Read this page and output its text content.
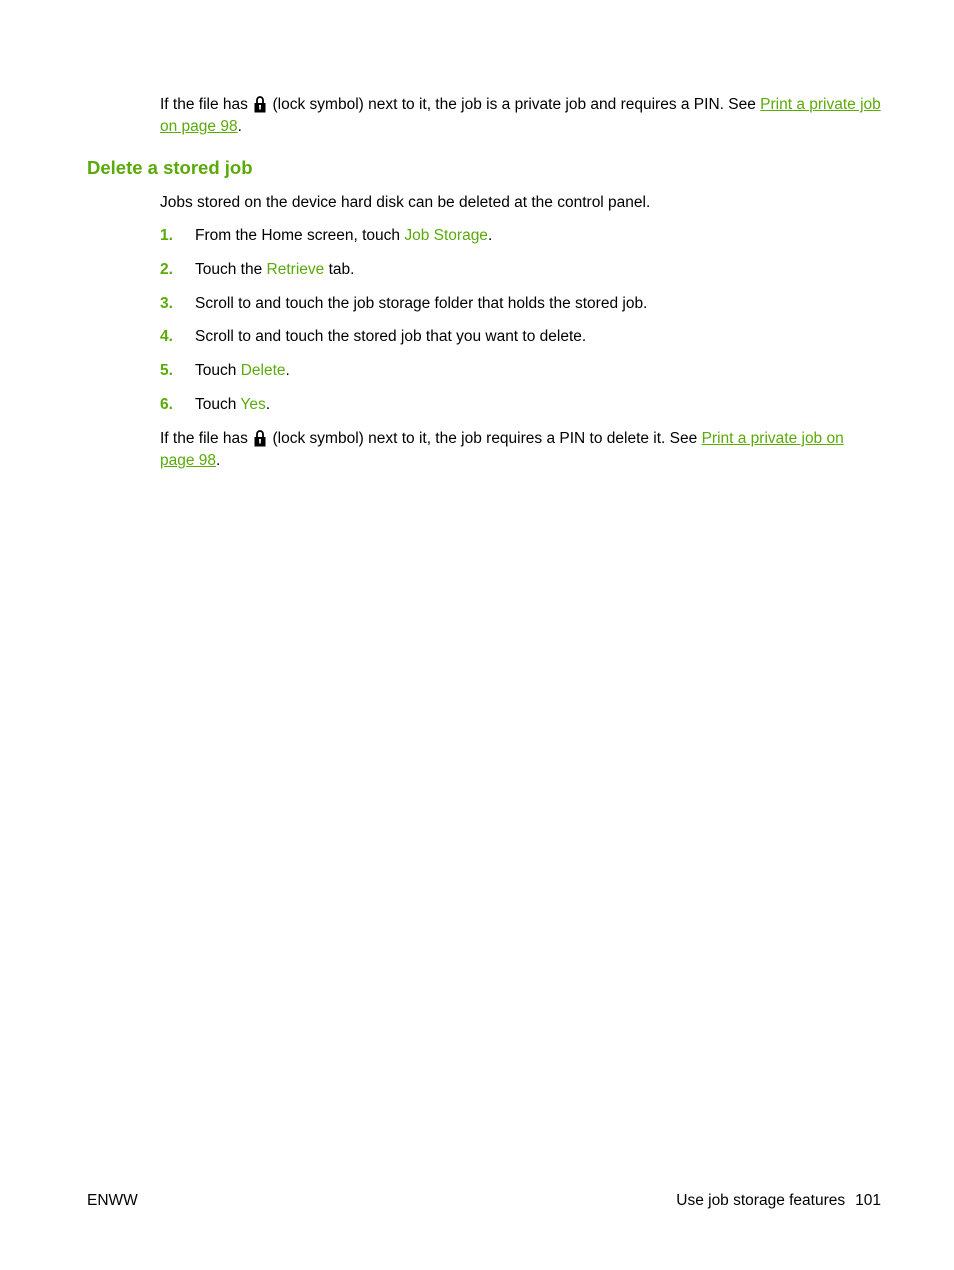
If the file has (lock symbol) next to it, the job is a private job and requires a PIN. See Print a private job on page 98.

Delete a stored job

Jobs stored on the device hard disk can be deleted at the control panel.

1. From the Home screen, touch Job Storage.

2. Touch the Retrieve tab.

3. Scroll to and touch the job storage folder that holds the stored job.

4. Scroll to and touch the stored job that you want to delete.

5. Touch Delete.

6. Touch Yes.

If the file has (lock symbol) next to it, the job requires a PIN to delete it. See Print a private job on page 98.

ENWW	Use job storage features 101
